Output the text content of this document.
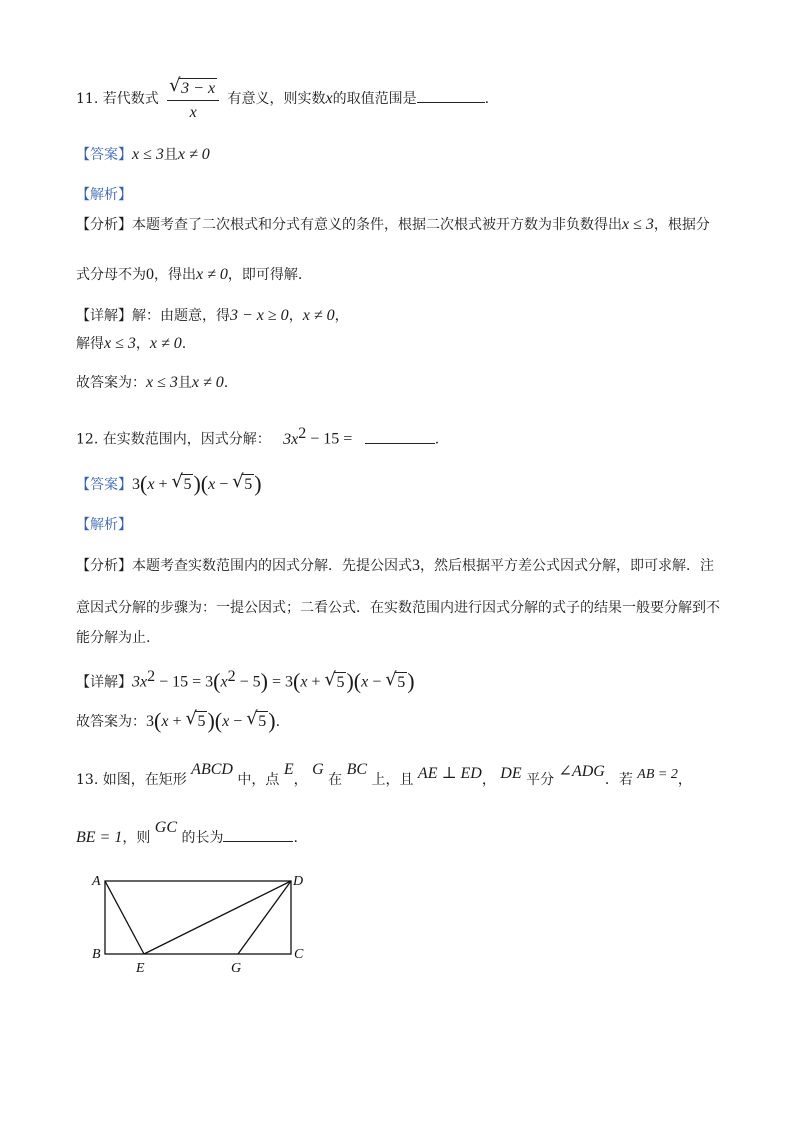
11. 若代数式 $\frac{√ 3 - x}{x}$ 有意义，则实数x的取值范围是	.
【答案】x ≤ 3且x ≠ 0
【解析】
【分析】本题考查了二次根式和分式有意义的条件，根据二次根式被开方数为非负数得出x ≤ 3，根据分
式分母不为0，得出x ≠ 0，即可得解.
【详解】解：由题意，得3 − x ≥ 0，x ≠ 0，
解得x ≤ 3，x ≠ 0.
故答案为：x ≤ 3且x ≠ 0.
12. 在实数范围内，因式分解： $3x^2 - 15$ =	.
【答案】3(x + √ 5)(x − √ 5)
【解析】
【分析】本题考查实数范围内的因式分解．先提公因式3，然后根据平方差公式因式分解，即可求解．注
意因式分解的步骤为：一提公因式；二看公式．在实数范围内进行因式分解的式子的结果一般要分解到不
能分解为止.
【详解】$3x^2 - 15 = 3(x^2 - 5) = 3(x$ + √ 5)(x − √ 5)
故答案为：3(x + √ 5)(x − √ 5).
13. 如图，在矩形 ABCD 中，点 E， G 在 BC 上，且 AE ⊥ ED， DE 平分 ∠ADG．若 AB = 2，
BE = 1，则 GC 的长为	.
A	D
B	C
E	G
